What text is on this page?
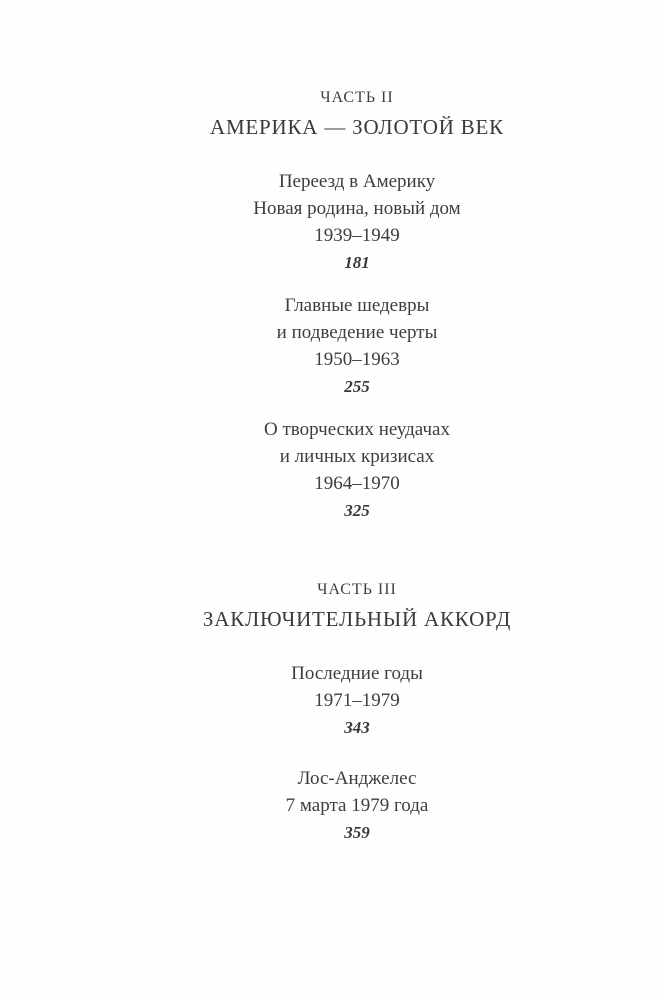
ЧАСТЬ II
АМЕРИКА — ЗОЛОТОЙ ВЕК
Переезд в Америку
Новая родина, новый дом
1939–1949
181
Главные шедевры
и подведение черты
1950–1963
255
О творческих неудачах
и личных кризисах
1964–1970
325
ЧАСТЬ III
ЗАКЛЮЧИТЕЛЬНЫЙ АККОРД
Последние годы
1971–1979
343
Лос-Анджелес
7 марта 1979 года
359
